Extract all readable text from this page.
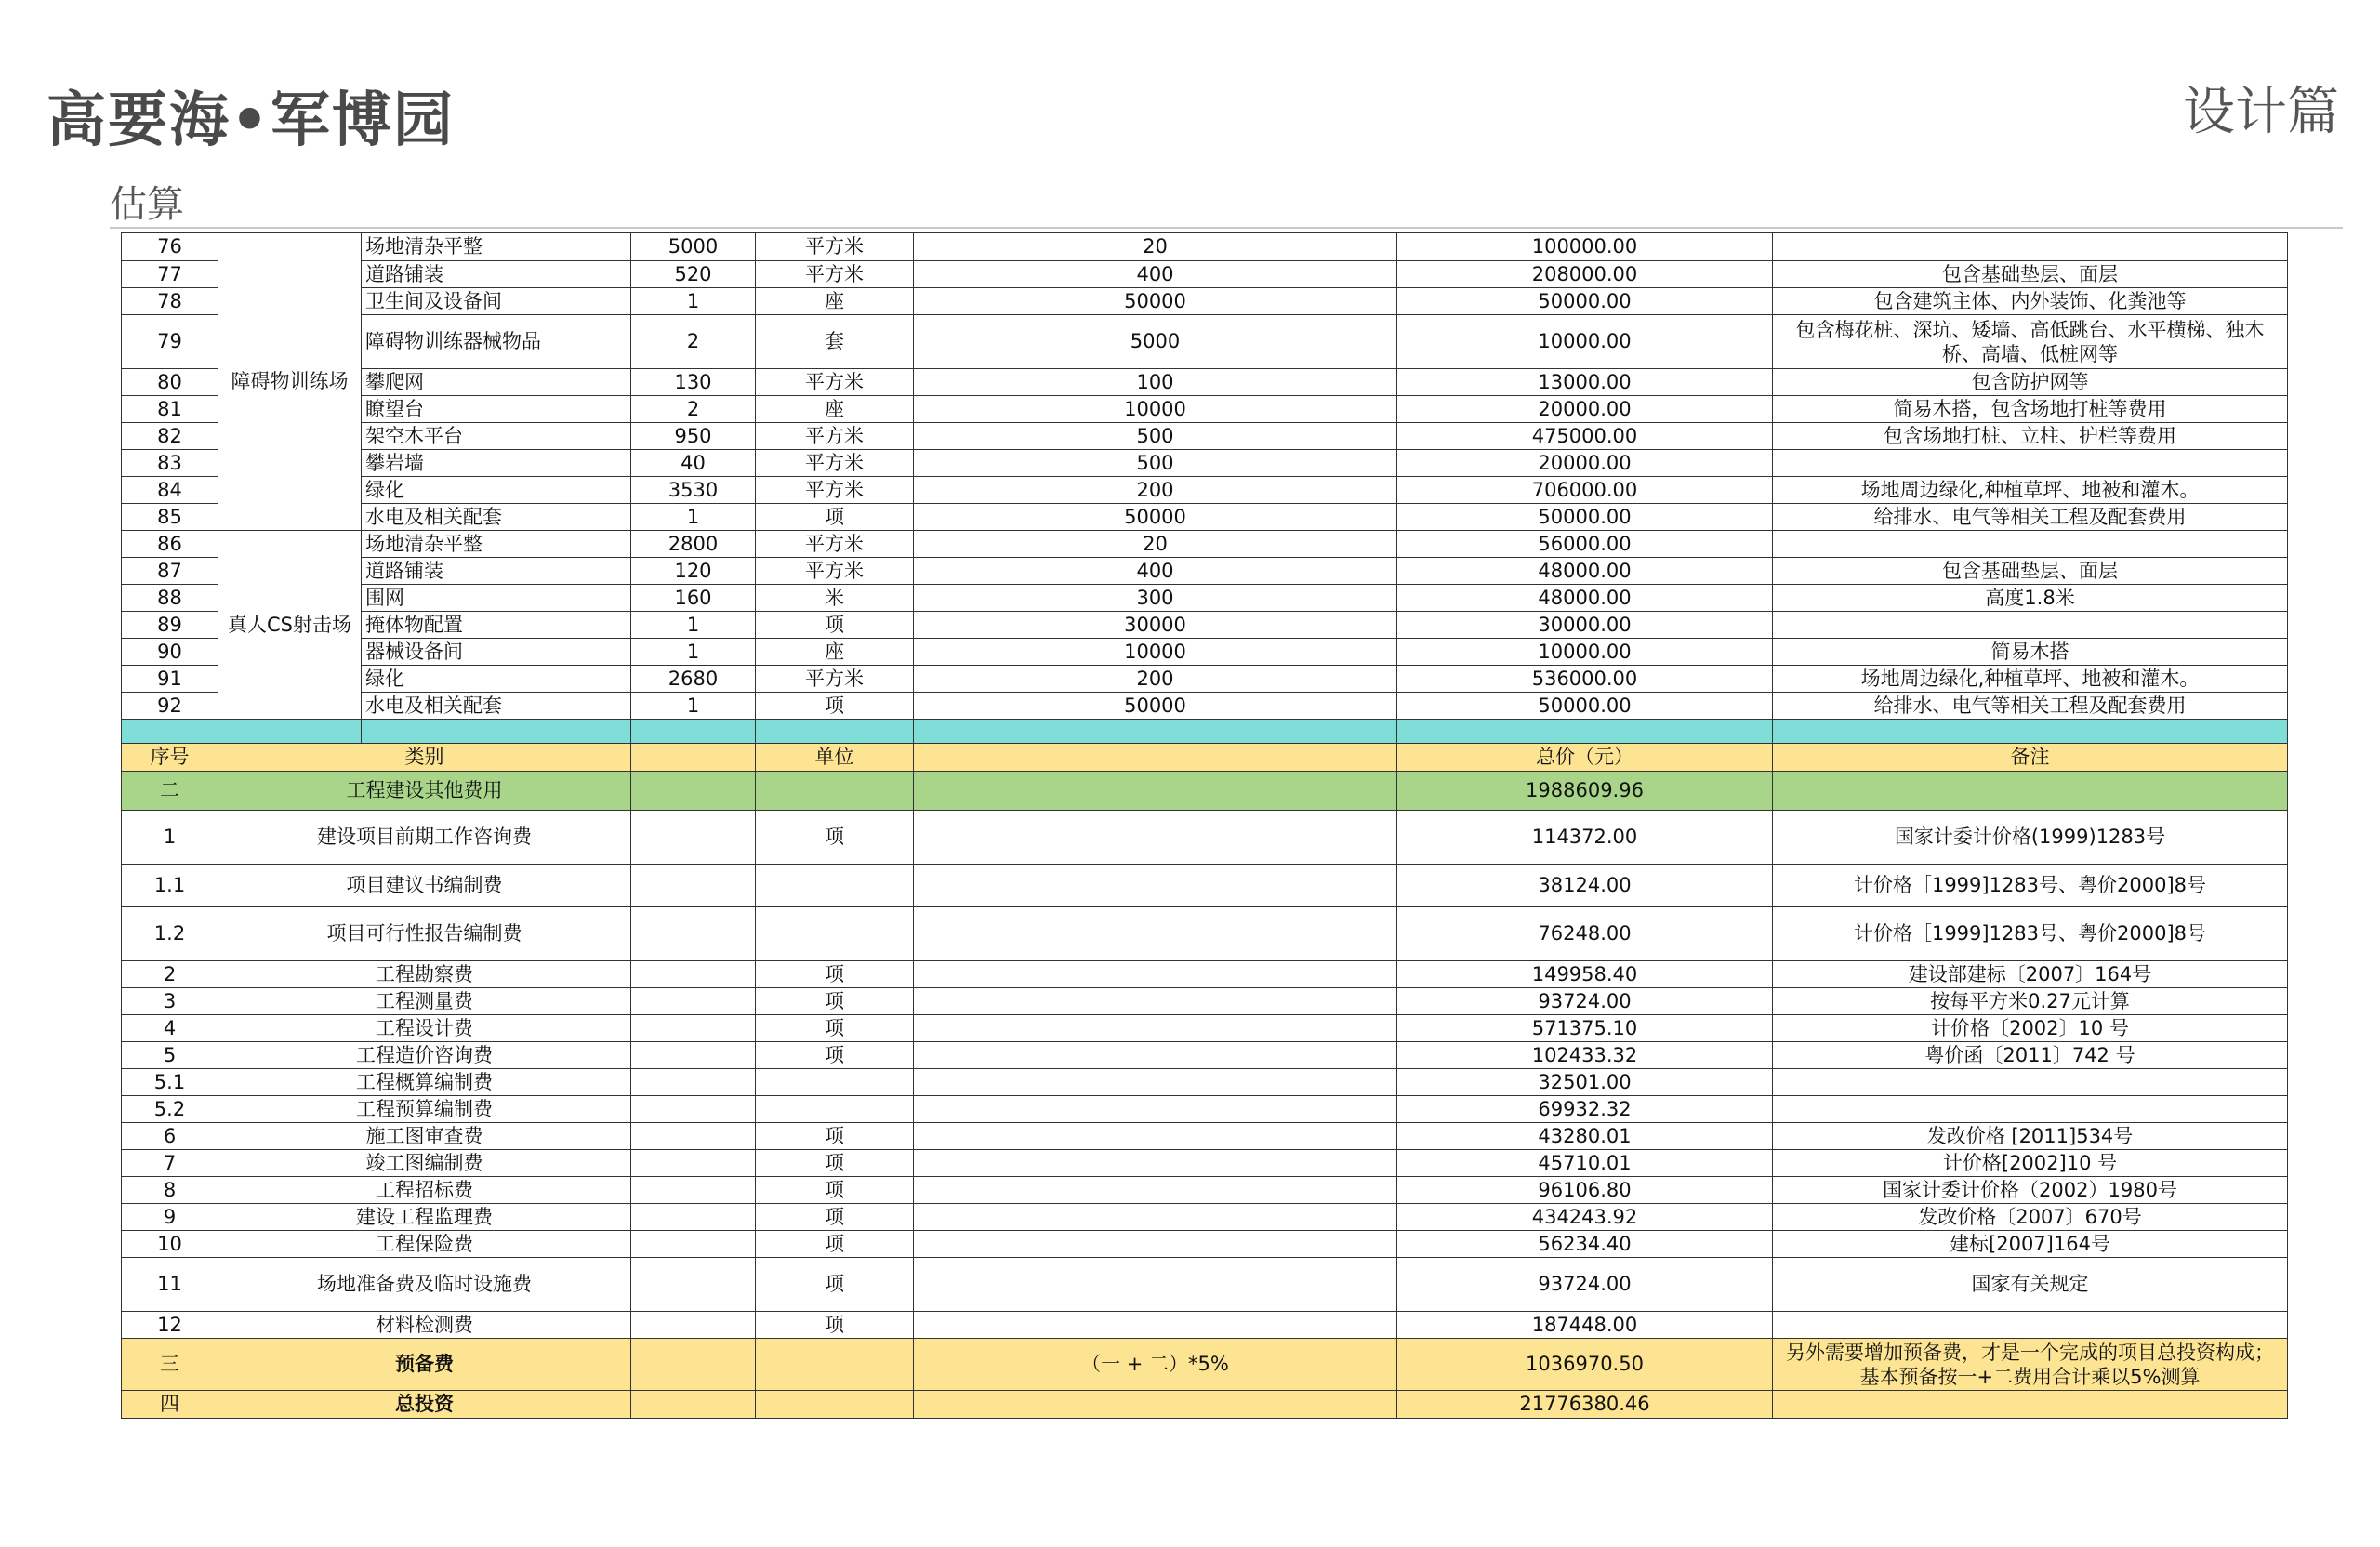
高要海•军博园	设计篇
估算
76	障碍物训练场	场地清杂平整	5000	平方米	20	100000.00	
77		道路铺装	520	平方米	400	208000.00	包含基础垫层、面层
78		卫生间及设备间	1	座	50000	50000.00	包含建筑主体、内外装饰、化粪池等
79		障碍物训练器械物品	2	套	5000	10000.00	包含梅花桩、深坑、矮墙、高低跳台、水平横梯、独木桥、高墙、低桩网等
80		攀爬网	130	平方米	100	13000.00	包含防护网等
81		瞭望台	2	座	10000	20000.00	简易木搭，包含场地打桩等费用
82		架空木平台	950	平方米	500	475000.00	包含场地打桩、立柱、护栏等费用
83		攀岩墙	40	平方米	500	20000.00	
84		绿化	3530	平方米	200	706000.00	场地周边绿化,种植草坪、地被和灌木。
85		水电及相关配套	1	项	50000	50000.00	给排水、电气等相关工程及配套费用
86	真人CS射击场	场地清杂平整	2800	平方米	20	56000.00	
87		道路铺装	120	平方米	400	48000.00	包含基础垫层、面层
88		围网	160	米	300	48000.00	高度1.8米
89		掩体物配置	1	项	30000	30000.00	
90		器械设备间	1	座	10000	10000.00	简易木搭
91		绿化	2680	平方米	200	536000.00	场地周边绿化,种植草坪、地被和灌木。
92		水电及相关配套	1	项	50000	50000.00	给排水、电气等相关工程及配套费用

序号	类别			单位		总价（元）	备注
二	工程建设其他费用					1988609.96	
1	建设项目前期工作咨询费			项		114372.00	国家计委计价格(1999)1283号
1.1	项目建议书编制费					38124.00	计价格［1999]1283号、粤价2000]8号
1.2	项目可行性报告编制费					76248.00	计价格［1999]1283号、粤价2000]8号
2	工程勘察费			项		149958.40	建设部建标〔2007〕164号
3	工程测量费			项		93724.00	按每平方米0.27元计算
4	工程设计费			项		571375.10	计价格〔2002〕10 号
5	工程造价咨询费			项		102433.32	粤价函〔2011〕742 号
5.1	工程概算编制费					32501.00	
5.2	工程预算编制费					69932.32	
6	施工图审查费			项		43280.01	发改价格 [2011]534号
7	竣工图编制费			项		45710.01	计价格[2002]10 号
8	工程招标费			项		96106.80	国家计委计价格（2002）1980号
9	建设工程监理费			项		434243.92	发改价格〔2007〕670号
10	工程保险费			项		56234.40	建标[2007]164号
11	场地准备费及临时设施费			项		93724.00	国家有关规定
12	材料检测费			项		187448.00	
三	预备费				（一 + 二）*5%	1036970.50	另外需要增加预备费，才是一个完成的项目总投资构成；基本预备按一+二费用合计乘以5%测算
四	总投资					21776380.46	
